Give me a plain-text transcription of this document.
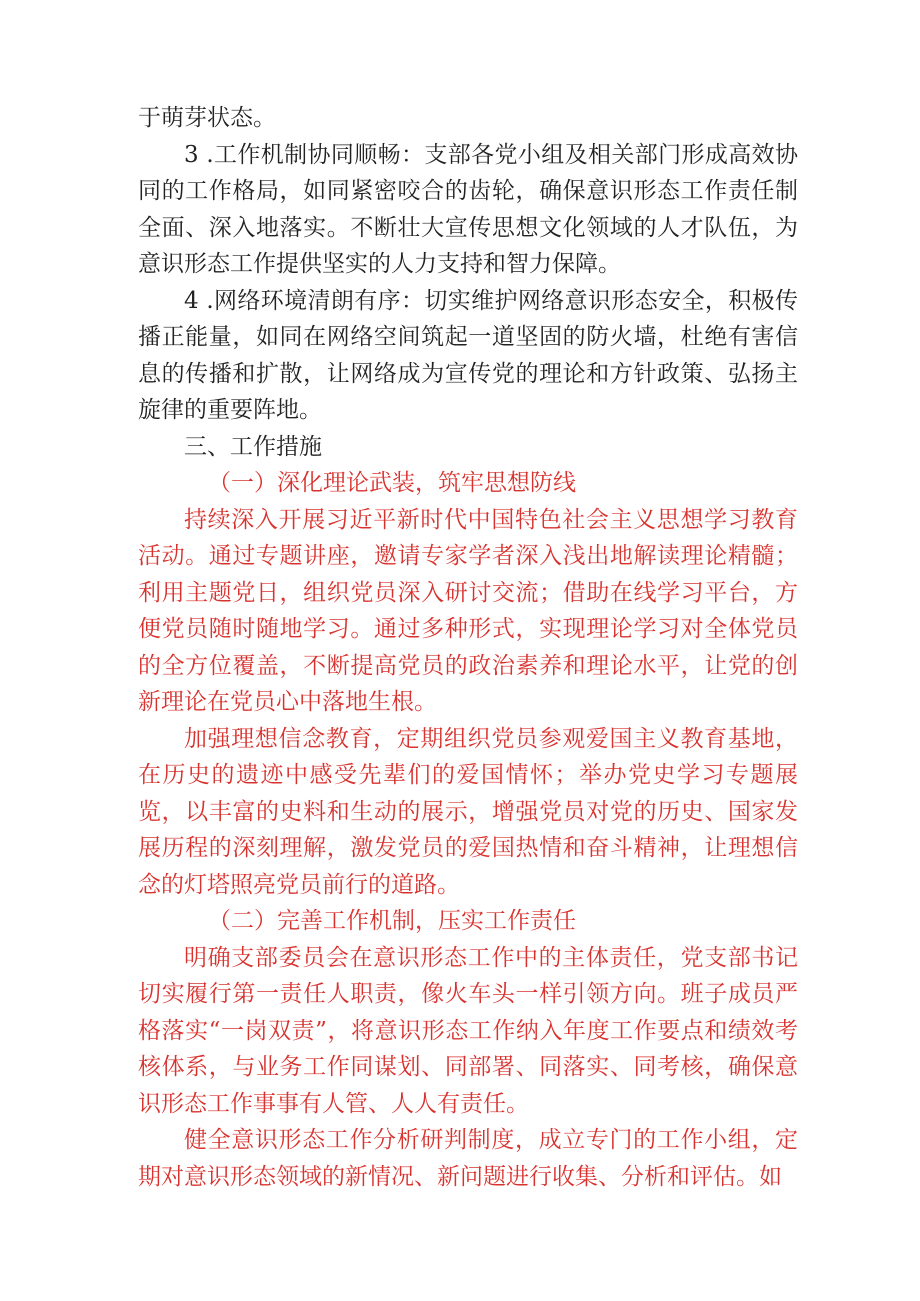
于萌芽状态。

3 .工作机制协同顺畅：支部各党小组及相关部门形成高效协同的工作格局，如同紧密咬合的齿轮，确保意识形态工作责任制全面、深入地落实。不断壮大宣传思想文化领域的人才队伍，为意识形态工作提供坚实的人力支持和智力保障。

4 .网络环境清朗有序：切实维护网络意识形态安全，积极传播正能量，如同在网络空间筑起一道坚固的防火墙，杜绝有害信息的传播和扩散，让网络成为宣传党的理论和方针政策、弘扬主旋律的重要阵地。

三、工作措施

（一）深化理论武装，筑牢思想防线

持续深入开展习近平新时代中国特色社会主义思想学习教育活动。通过专题讲座，邀请专家学者深入浅出地解读理论精髓；利用主题党日，组织党员深入研讨交流；借助在线学习平台，方便党员随时随地学习。通过多种形式，实现理论学习对全体党员的全方位覆盖，不断提高党员的政治素养和理论水平，让党的创新理论在党员心中落地生根。

加强理想信念教育，定期组织党员参观爱国主义教育基地，在历史的遗迹中感受先辈们的爱国情怀；举办党史学习专题展览，以丰富的史料和生动的展示，增强党员对党的历史、国家发展历程的深刻理解，激发党员的爱国热情和奋斗精神，让理想信念的灯塔照亮党员前行的道路。

（二）完善工作机制，压实工作责任

明确支部委员会在意识形态工作中的主体责任，党支部书记切实履行第一责任人职责，像火车头一样引领方向。班子成员严格落实“一岗双责”，将意识形态工作纳入年度工作要点和绩效考核体系，与业务工作同谋划、同部署、同落实、同考核，确保意识形态工作事事有人管、人人有责任。

健全意识形态工作分析研判制度，成立专门的工作小组，定期对意识形态领域的新情况、新问题进行收集、分析和评估。如
